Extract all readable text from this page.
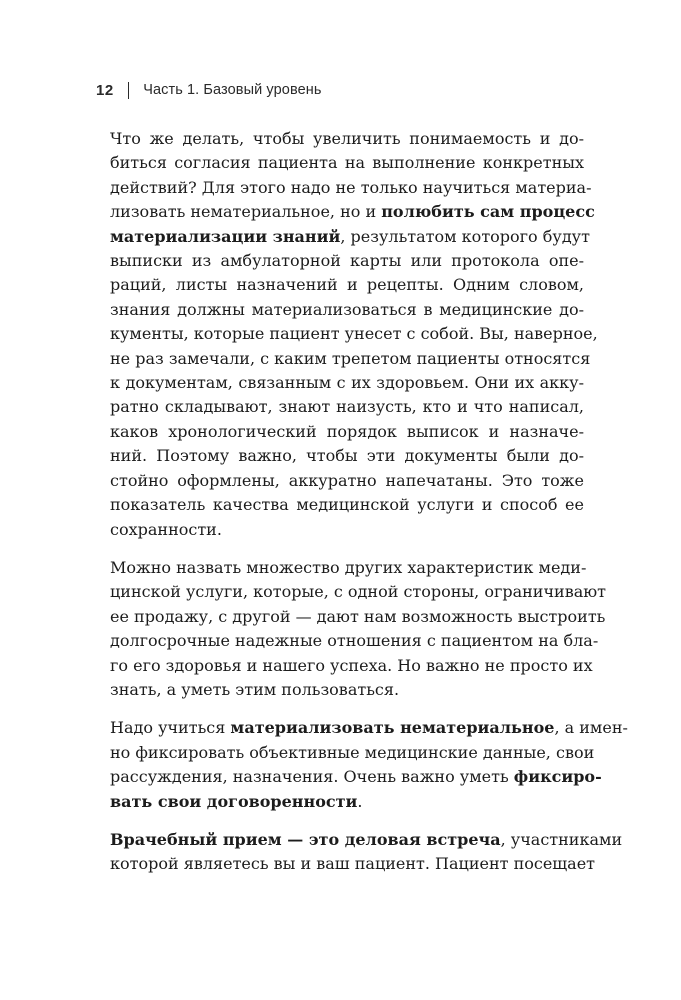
12 Часть 1. Базовый уровень
Что же делать, чтобы увеличить понимаемость и до-
биться согласия пациента на выполнение конкретных
действий? Для этого надо не только научиться материа-
лизовать нематериальное, но и полюбить сам процесс
материализации знаний, результатом которого будут
выписки из амбулаторной карты или протокола опе-
раций, листы назначений и рецепты. Одним словом,
знания должны материализоваться в медицинские до-
кументы, которые пациент унесет с собой. Вы, наверное,
не раз замечали, с каким трепетом пациенты относятся
к документам, связанным с их здоровьем. Они их акку-
ратно складывают, знают наизусть, кто и что написал,
каков хронологический порядок выписок и назначе-
ний. Поэтому важно, чтобы эти документы были до-
стойно оформлены, аккуратно напечатаны. Это тоже
показатель качества медицинской услуги и способ ее
сохранности.
Можно назвать множество других характеристик меди-
цинской услуги, которые, с одной стороны, ограничивают
ее продажу, с другой — дают нам возможность выстроить
долгосрочные надежные отношения с пациентом на бла-
го его здоровья и нашего успеха. Но важно не просто их
знать, а уметь этим пользоваться.
Надо учиться материализовать нематериальное, а имен-
но фиксировать объективные медицинские данные, свои
рассуждения, назначения. Очень важно уметь фиксиро-
вать свои договоренности.
Врачебный прием — это деловая встреча, участниками
которой являетесь вы и ваш пациент. Пациент посещает
